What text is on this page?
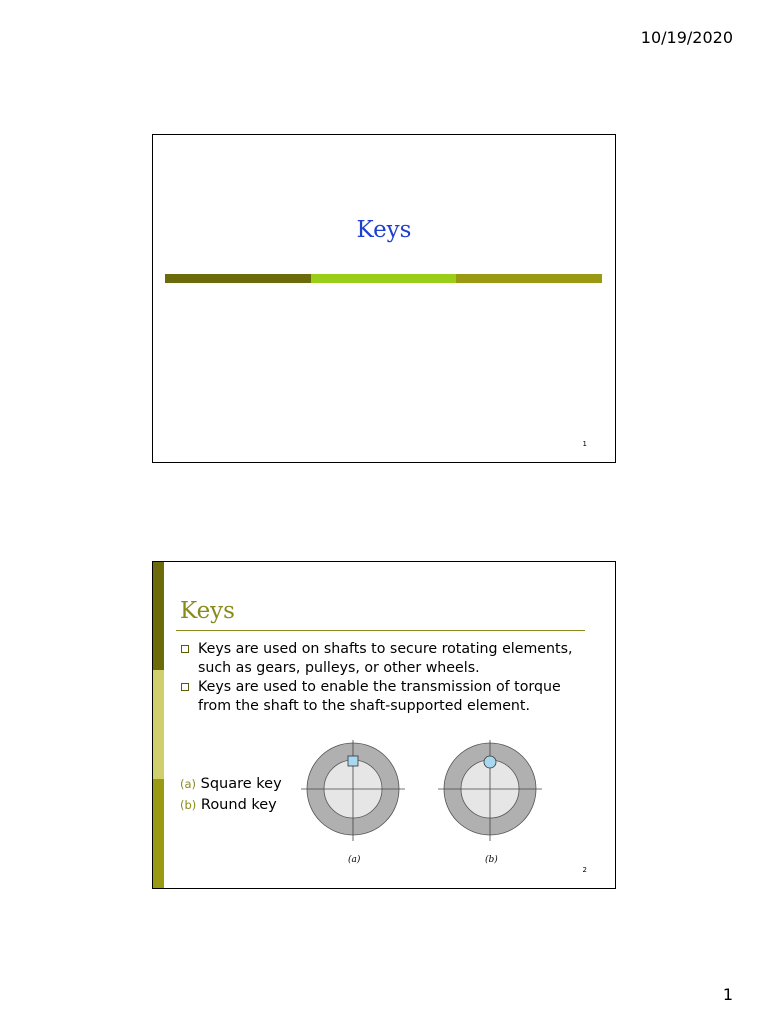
10/19/2020
Keys
1
Keys
Keys are used on shafts to secure rotating elements, such as gears, pulleys, or other wheels.
Keys are used to enable the transmission of torque from the shaft to the shaft-supported element.
(a) Square key
(b) Round key
(a)	(b)
2
1
